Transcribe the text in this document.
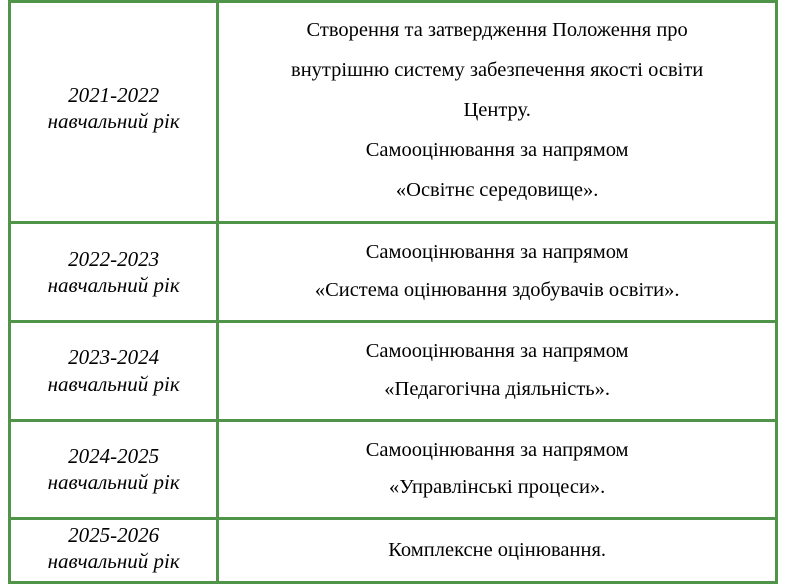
2021-2022
навчальний рік	Створення та затвердження Положення про
внутрішню систему забезпечення якості освіти
Центру.
Самооцінювання за напрямом
«Освітнє середовище».

2022-2023
навчальний рік	Самооцінювання за напрямом
«Система оцінювання здобувачів освіти».

2023-2024
навчальний рік	Самооцінювання за напрямом
«Педагогічна діяльність».

2024-2025
навчальний рік	Самооцінювання за напрямом
«Управлінські процеси».

2025-2026
навчальний рік	Комплексне оцінювання.
